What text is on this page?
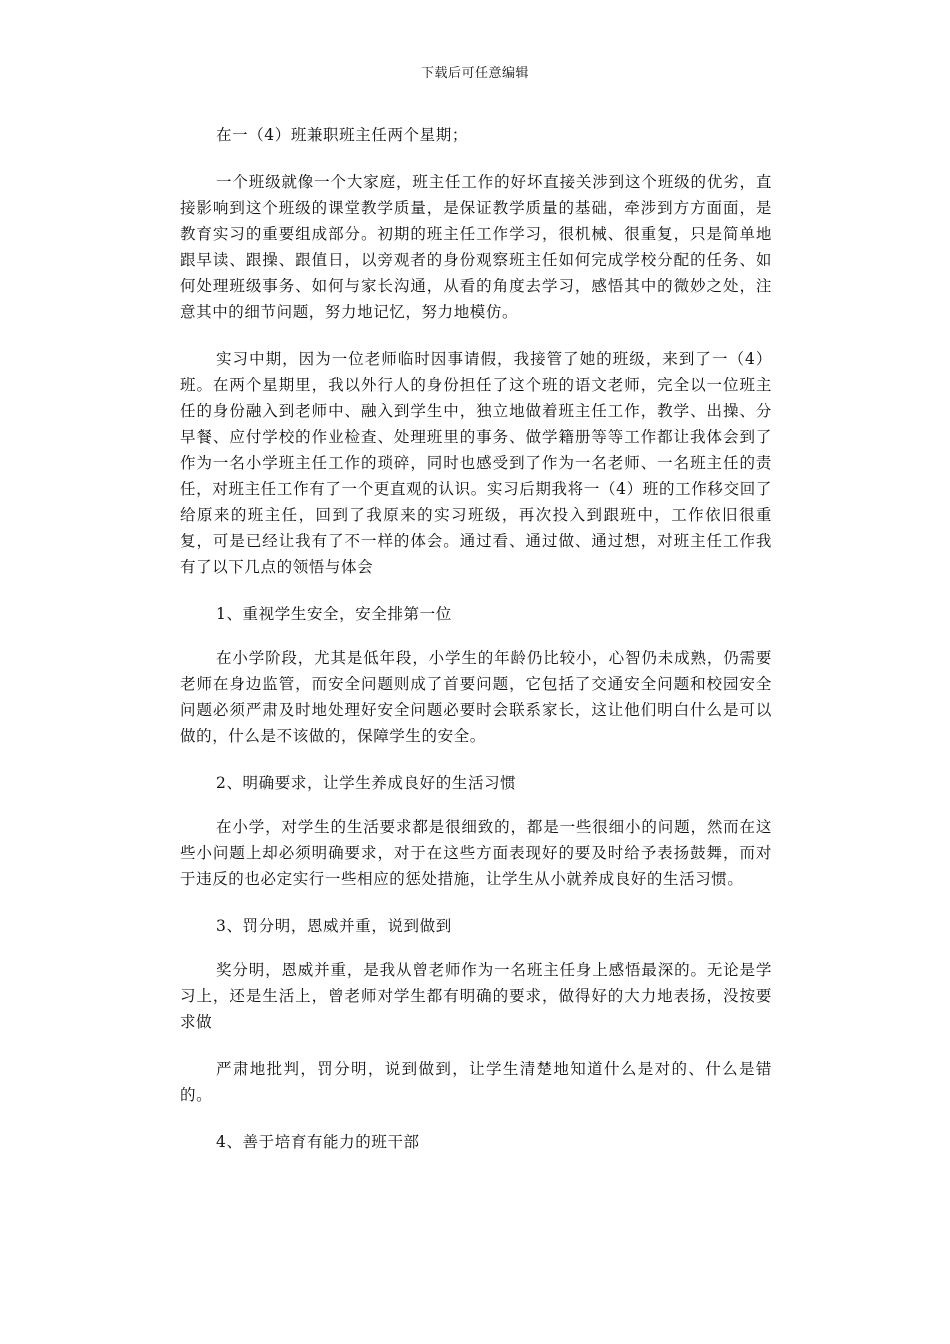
下载后可任意编辑

在一（4）班兼职班主任两个星期；

一个班级就像一个大家庭，班主任工作的好坏直接关涉到这个班级的优劣，直接影响到这个班级的课堂教学质量，是保证教学质量的基础，牵涉到方方面面，是教育实习的重要组成部分。初期的班主任工作学习，很机械、很重复，只是简单地跟早读、跟操、跟值日，以旁观者的身份观察班主任如何完成学校分配的任务、如何处理班级事务、如何与家长沟通，从看的角度去学习，感悟其中的微妙之处，注意其中的细节问题，努力地记忆，努力地模仿。

实习中期，因为一位老师临时因事请假，我接管了她的班级，来到了一（4）班。在两个星期里，我以外行人的身份担任了这个班的语文老师，完全以一位班主任的身份融入到老师中、融入到学生中，独立地做着班主任工作，教学、出操、分早餐、应付学校的作业检查、处理班里的事务、做学籍册等等工作都让我体会到了作为一名小学班主任工作的琐碎，同时也感受到了作为一名老师、一名班主任的责任，对班主任工作有了一个更直观的认识。实习后期我将一（4）班的工作移交回了给原来的班主任，回到了我原来的实习班级，再次投入到跟班中，工作依旧很重复，可是已经让我有了不一样的体会。通过看、通过做、通过想，对班主任工作我有了以下几点的领悟与体会

1、重视学生安全，安全排第一位

在小学阶段，尤其是低年段，小学生的年龄仍比较小，心智仍未成熟，仍需要老师在身边监管，而安全问题则成了首要问题，它包括了交通安全问题和校园安全问题必须严肃及时地处理好安全问题必要时会联系家长，这让他们明白什么是可以做的，什么是不该做的，保障学生的安全。

2、明确要求，让学生养成良好的生活习惯

在小学，对学生的生活要求都是很细致的，都是一些很细小的问题，然而在这些小问题上却必须明确要求，对于在这些方面表现好的要及时给予表扬鼓舞，而对于违反的也必定实行一些相应的惩处措施，让学生从小就养成良好的生活习惯。

3、罚分明，恩威并重，说到做到

奖分明，恩威并重，是我从曾老师作为一名班主任身上感悟最深的。无论是学习上，还是生活上，曾老师对学生都有明确的要求，做得好的大力地表扬，没按要求做

严肃地批判，罚分明，说到做到，让学生清楚地知道什么是对的、什么是错的。

4、善于培育有能力的班干部
